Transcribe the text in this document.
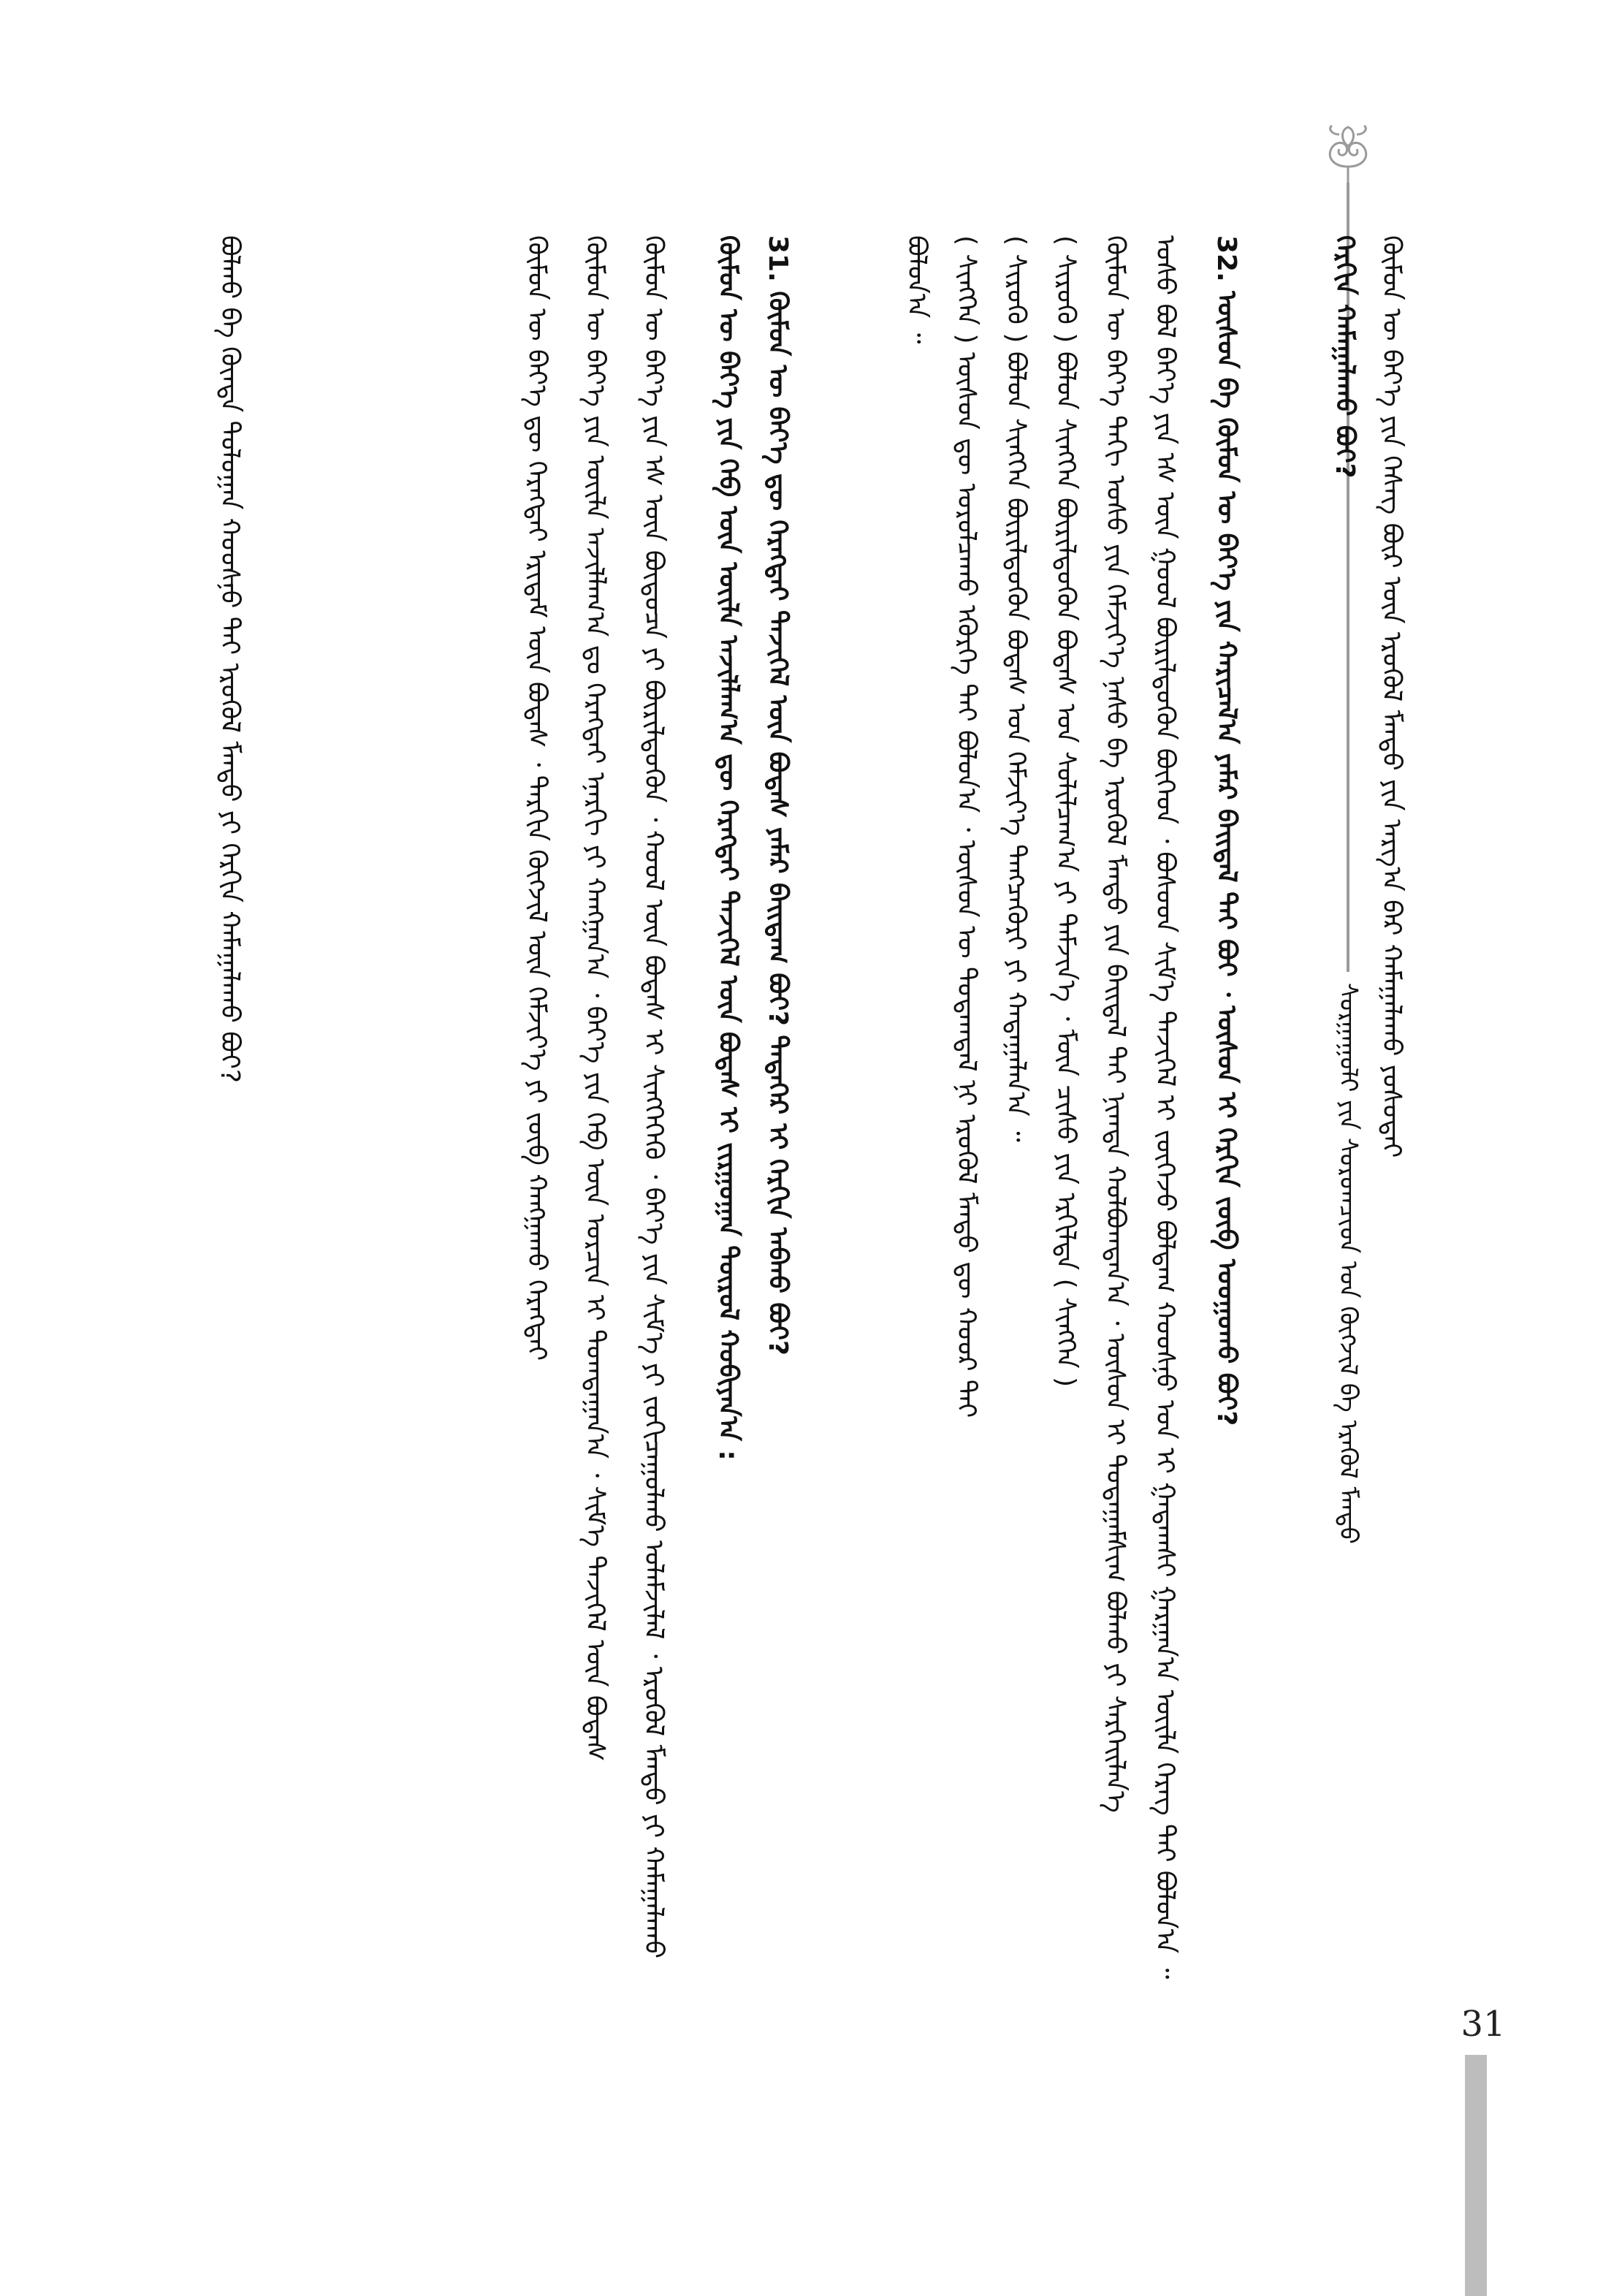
ᠰᠤᠷᠭᠠᠭᠤᠯᠢ ᠶᠢᠨ ᠰᠤᠷᠤᠭᠴᠢᠳ ᠤᠨ ᠬᠥᠭᠵᠢᠯ ᠪᠠ ᠡᠷᠡᠭᠦᠯ ᠮᠡᠨᠳᠦ
ᠬᠦᠮᠦᠨ ᠦ ᠪᠡᠶ᠎ᠡ ᠶᠢᠨ ᠬᠡᠰᠡᠭ ᠪᠦᠷ ᠦᠨ ᠡᠷᠦᠬᠦᠯ ᠮᠡᠨᠳᠦ ᠶᠢᠨ ᠠᠷᠭ᠎ᠠ ᠪᠠᠷ ᠬᠠᠮᠠᠭᠠᠯᠠᠬᠤ ᠶᠤᠰᠤᠲᠠᠢ
ᠬᠡᠷᠬᠢᠨ ᠬᠠᠮᠠᠭᠠᠯᠠᠬᠤ ᠪᠤᠢ?
32. ᠦᠰᠦᠨ ᠪᠠ ᠬᠦᠮᠦᠨ ᠦ ᠪᠡᠶ᠎ᠡ ᠶᠢᠨ ᠬᠠᠷᠢᠴᠠᠯ᠎ᠠ ᠶᠠᠮᠠᠷ ᠪᠠᠢᠳᠠᠯ ᠲᠠᠢ ᠪᠤᠢ ᠂ ᠦᠰᠦᠨ ᠢ ᠬᠡᠷᠬᠢᠨ ᠵᠦᠪ ᠤᠤᠭᠤᠬᠤ ᠪᠤᠢ?
ᠤᠰᠤ ᠪᠤᠯ ᠪᠡᠶ᠎ᠡ ᠶᠢᠨ ᠡᠰ ᠦᠨ ᠭᠣᠣᠯ ᠪᠦᠷᠢᠯᠳᠦᠬᠦᠨ ᠪᠥᠭᠡᠳ ᠂ ᠪᠤᠰᠤᠳ ᠰᠢᠮ᠎ᠡ ᠲᠡᠵᠢᠭᠡᠯ ᠢ ᠵᠥᠭᠡᠵᠦ ᠪᠤᠯᠳᠠᠭ ᠬᠣᠣᠰᠨᠤ ᠡᠳ ᠢ ᠭᠠᠳᠠᠭᠱᠢ ᠭᠠᠷᠭᠠᠨ᠎ᠠ ᠦᠢᠯᠡ ᠬᠡᠷᠡᠭ ᠲᠠᠢ ᠪᠣᠯᠤᠨ᠎ᠠ ᠃
ᠬᠦᠮᠦᠨ ᠦ ᠪᠡᠶ᠎ᠡ ᠳᠡᠬᠢ ᠤᠰᠤ ᠶᠢᠨ ᠬᠡᠮᠵᠢᠶ᠎ᠡ ᠨᠠᠰᠤ ᠪᠠ ᠡᠷᠦᠬᠦᠯ ᠮᠡᠨᠳᠦ ᠶᠢᠨ ᠪᠠᠢᠳᠠᠯ ᠲᠠᠢ ᠨᠢᠭᠲᠠ ᠬᠣᠯᠪᠣᠭᠳᠠᠨ᠎ᠠ ᠂ ᠦᠰᠦᠨ ᠢ ᠳᠤᠲᠠᠭᠠᠮᠰᠢᠭ ᠪᠣᠯᠬᠤ ᠶᠢ ᠰᠡᠷᠭᠡᠢᠯᠡᠨ᠎ᠡ
( ᠰᠢᠷᠦᠭᠦ ) ᠪᠣᠯᠤᠨ ᠰᠢᠩᠭᠡᠨ ᠪᠦᠷᠢᠯᠳᠦᠬᠦᠨ ᠪᠣᠳᠠᠰ ᠤᠨ ᠰᠣᠯᠢᠯᠴᠠᠭ᠎ᠠ ᠶᠢ ᠳᠡᠮᠵᠢᠨ᠎ᠡ ᠂ ᠮᠥᠨ ᠴᠢᠰᠤ ᠶᠢᠨ ᠡᠷᠭᠢᠯᠲᠡ ( ᠰᠢᠩᠭᠡᠨ )
( ᠰᠢᠷᠦᠭᠦ ) ᠪᠣᠯᠤᠨ ᠰᠢᠩᠭᠡᠨ ᠪᠦᠷᠢᠯᠳᠦᠬᠦᠨ ᠪᠣᠳᠠᠰ ᠤᠨ ᠬᠡᠮᠵᠢᠶ᠎ᠡ ᠲᠡᠩᠴᠡᠭᠦᠷᠢ ᠶᠢ ᠬᠠᠳᠠᠭᠠᠯᠠᠨ᠎ᠠ ᠃
( ᠰᠢᠩᠭᠡᠨ ) ᠦᠰᠦᠨ ᠳᠦ ᠣᠷᠣᠯᠴᠠᠬᠤ ᠡᠭᠦᠷᠭᠡ ᠲᠠᠢ ᠪᠣᠯᠤᠨ᠎ᠠ ᠂ ᠦᠰᠦᠨ ᠦ ᠳᠤᠲᠠᠭᠳᠠᠯ ᠨᠢ ᠡᠷᠦᠬᠦᠯ ᠮᠡᠨᠳᠦ ᠳᠦ ᠬᠣᠣᠷ ᠲᠠᠢ
ᠪᠣᠯᠤᠨ᠎ᠠ ᠃
31. ᠬᠦᠮᠦᠨ ᠦ ᠪᠡᠶ᠎ᠡ ᠳᠦ ᠬᠡᠷᠡᠭᠲᠡᠢ ᠲᠡᠵᠢᠭᠡᠯ ᠦᠨ ᠪᠣᠳᠠᠰ ᠶᠠᠮᠠᠷ ᠪᠠᠢᠳᠠᠭ ᠪᠤᠢ? ᠲᠡᠳᠡᠭᠡᠷ ᠢ ᠬᠡᠷᠬᠢᠨ ᠠᠪᠬᠤ ᠪᠤᠢ?
ᠬᠦᠮᠦᠨ ᠦ ᠪᠡᠶ᠎ᠡ ᠶᠢᠨ ᠬᠡᠪ ᠦᠨ ᠦᠢᠯᠡ ᠠᠵᠢᠯᠯᠠᠭ᠎ᠠ ᠳᠦ ᠬᠡᠷᠡᠭᠲᠡᠢ ᠲᠡᠵᠢᠭᠡᠯ ᠦᠨ ᠪᠣᠳᠠᠰ ᠢ ᠵᠢᠷᠭᠤᠭᠠᠨ ᠲᠥᠷᠥᠯ ᠬᠤᠪᠢᠶᠠᠨ᠎ᠠ :
ᠬᠦᠮᠦᠨ ᠦ ᠪᠡᠶ᠎ᠡ ᠶᠢᠨ ᠡᠰ ᠦᠨ ᠪᠦᠲᠦᠴᠡ ᠶᠢ ᠪᠦᠷᠢᠯᠳᠦᠬᠦᠨ ᠂ ᠬᠣᠣᠯ ᠦᠨ ᠪᠣᠳᠠᠰ ᠢ ᠰᠢᠩᠭᠡᠭᠡᠬᠦ ᠂ ᠪᠡᠶ᠎ᠡ ᠶᠢᠨ ᠰᠢᠮ᠎ᠡ ᠶᠢ ᠵᠣᠬᠢᠴᠠᠭᠤᠯᠬᠤ ᠤᠯᠠᠮᠵᠢᠯᠠᠯ ᠂ ᠡᠷᠦᠬᠦᠯ ᠮᠡᠨᠳᠦ ᠶᠢ ᠬᠠᠮᠠᠭᠠᠯᠠᠬᠤ
ᠬᠦᠮᠦᠨ ᠦ ᠪᠡᠶ᠎ᠡ ᠶᠢᠨ ᠦᠢᠯᠡ ᠠᠵᠢᠯᠯᠠᠭ᠎ᠠ ᠳᠤ ᠬᠡᠷᠡᠭᠲᠡᠢ ᠡᠨᠡᠷᠭᠢ ᠶᠢ ᠬᠠᠩᠭᠠᠨ᠎ᠠ ᠂ ᠪᠡᠶ᠎ᠡ ᠶᠢᠨ ᠬᠡᠪ ᠦᠨ ᠣᠷᠴᠢᠨ ᠢ ᠲᠣᠭᠲᠠᠭᠠᠨ᠎ᠠ ᠂ ᠰᠢᠮ᠎ᠡ ᠲᠡᠵᠢᠭᠡᠯ ᠦᠨ ᠪᠣᠳᠠᠰ
ᠬᠦᠮᠦᠨ ᠦ ᠪᠡᠶ᠎ᠡ ᠳᠦ ᠬᠡᠷᠡᠭᠲᠡᠢ ᠡᠷᠢᠳᠡᠮ ᠦᠨ ᠪᠣᠳᠠᠰ ᠂ ᠲᠠᠷᠬᠢᠨ ᠬᠥᠭᠵᠢᠯ ᠦᠨ ᠬᠡᠮᠵᠢᠶ᠎ᠡ ᠶᠢ ᠵᠥᠪ ᠬᠠᠩᠭᠠᠬᠤ ᠬᠡᠷᠡᠭᠲᠡᠢ
ᠪᠣᠯᠬᠤ ᠪᠠ ᠬᠥᠨᠳᠡ ᠳᠣᠯᠣᠭᠠᠨ ᠬᠣᠣᠰᠨᠤ ᠲᠠᠢ ᠡᠷᠦᠬᠦᠯ ᠮᠡᠨᠳᠦ ᠶᠢ ᠬᠡᠷᠬᠢᠨ ᠬᠠᠮᠠᠭᠠᠯᠠᠬᠤ ᠪᠤᠢ?
31
